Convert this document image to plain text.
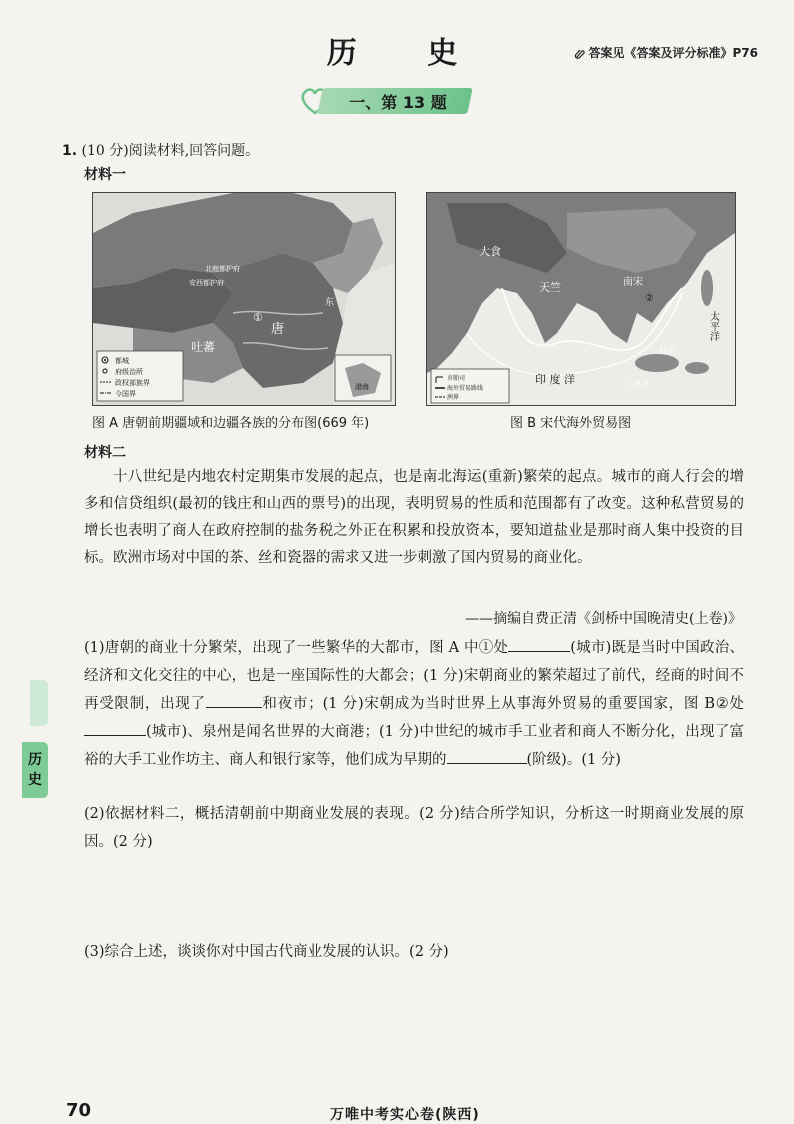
历 史	答案见《答案及评分标准》P76
一、第 13 题
1. (10 分)阅读材料,回答问题。
材料一
渤海
吐蕃
唐
①
北庭都护府
安西都护府
东
都城
府级治所
政权部族界
今国界
图 A 唐朝前期疆域和边疆各族的分布图(669 年)
大食
天竺	南宋
②
太平洋
印 度 洋	三佛齐
勃泥
市舶司
海外贸易路线
洲界
图 B 宋代海外贸易图
材料二
十八世纪是内地农村定期集市发展的起点，也是南北海运(重新)繁荣的起点。城市的商人行会的增多和信贷组织(最初的钱庄和山西的票号)的出现，表明贸易的性质和范围都有了改变。这种私营贸易的增长也表明了商人在政府控制的盐务税之外正在积累和投放资本，要知道盐业是那时商人集中投资的目标。欧洲市场对中国的茶、丝和瓷器的需求又进一步刺激了国内贸易的商业化。
——摘编自费正清《剑桥中国晚清史(上卷)》
(1)唐朝的商业十分繁荣，出现了一些繁华的大都市，图 A 中①处	(城市)既是当时中国政治、经济和文化交往的中心，也是一座国际性的大都会；(1 分)宋朝商业的繁荣超过了前代，经商的时间不再受限制，出现了	和夜市；(1 分)宋朝成为当时世界上从事海外贸易的重要国家，图 B②处(城市)、泉州是闻名世界的大商港；(1 分)中世纪的城市手工业者和商人不断分化，出现了富裕的大手工业作坊主、商人和银行家等，他们成为早期的	(阶级)。(1 分)
(2)依据材料二，概括清朝前中期商业发展的表现。(2 分)结合所学知识，分析这一时期商业发展的原因。(2 分)
(3)综合上述，谈谈你对中国古代商业发展的认识。(2 分)
历
史
70	万唯中考实心卷(陕西)
